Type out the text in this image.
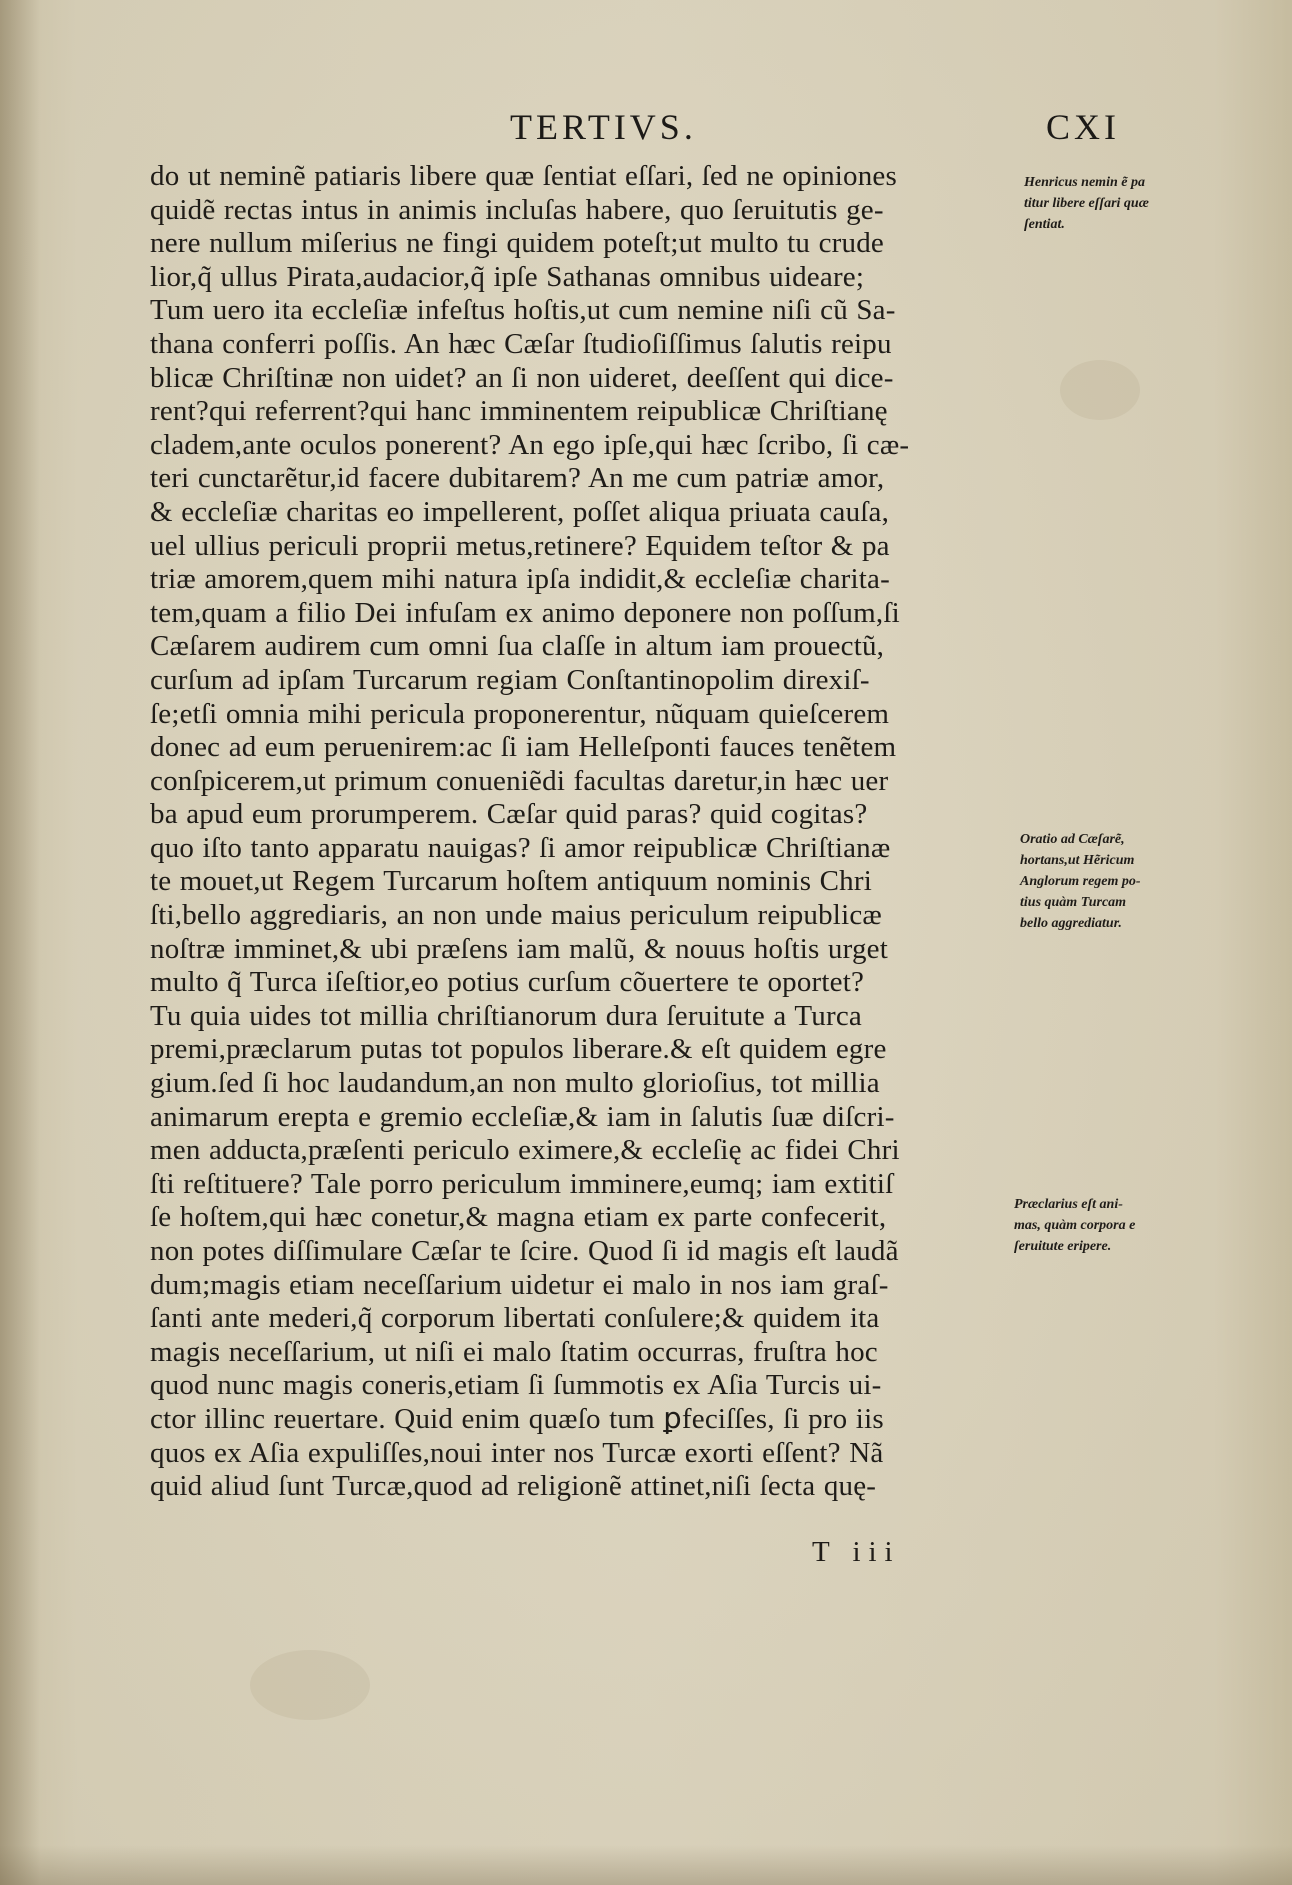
TERTIVS.	CXI
do ut neminẽ patiaris libere quæ ſentiat eſſari, ſed ne opiniones
quidẽ rectas intus in animis incluſas habere, quo ſeruitutis ge-
nere nullum miſerius ne fingi quidem poteſt;ut multo tu crude
lior,q̃ ullus Pirata,audacior,q̃ ipſe Sathanas omnibus uideare;
Tum uero ita eccleſiæ infeſtus hoſtis,ut cum nemine niſi cũ Sa-
thana conferri poſſis. An hæc Cæſar ſtudioſiſſimus ſalutis reipu
blicæ Chriſtinæ non uidet? an ſi non uideret, deeſſent qui dice-
rent?qui referrent?qui hanc imminentem reipublicæ Chriſtianę
cladem,ante oculos ponerent? An ego ipſe,qui hæc ſcribo, ſi cæ-
teri cunctarẽtur,id facere dubitarem? An me cum patriæ amor,
& eccleſiæ charitas eo impellerent, poſſet aliqua priuata cauſa,
uel ullius periculi proprii metus,retinere? Equidem teſtor & pa
triæ amorem,quem mihi natura ipſa indidit,& eccleſiæ charita-
tem,quam a filio Dei infuſam ex animo deponere non poſſum,ſi
Cæſarem audirem cum omni ſua claſſe in altum iam prouectũ,
curſum ad ipſam Turcarum regiam Conſtantinopolim direxiſ-
ſe;etſi omnia mihi pericula proponerentur, nũquam quieſcerem
donec ad eum peruenirem:ac ſi iam Helleſponti fauces tenẽtem
conſpicerem,ut primum conueniẽdi facultas daretur,in hæc uer
ba apud eum prorumperem. Cæſar quid paras? quid cogitas?
quo iſto tanto apparatu nauigas? ſi amor reipublicæ Chriſtianæ
te mouet,ut Regem Turcarum hoſtem antiquum nominis Chri
ſti,bello aggrediaris, an non unde maius periculum reipublicæ
noſtræ imminet,& ubi præſens iam malũ, & nouus hoſtis urget
multo q̃ Turca iſeſtior,eo potius curſum cõuertere te oportet?
Tu quia uides tot millia chriſtianorum dura ſeruitute a Turca
premi,præclarum putas tot populos liberare.& eſt quidem egre
gium.ſed ſi hoc laudandum,an non multo glorioſius, tot millia
animarum erepta e gremio eccleſiæ,& iam in ſalutis ſuæ diſcri-
men adducta,præſenti periculo eximere,& eccleſię ac fidei Chri
ſti reſtituere? Tale porro periculum imminere,eumq; iam extitiſ
ſe hoſtem,qui hæc conetur,& magna etiam ex parte confecerit,
non potes diſſimulare Cæſar te ſcire. Quod ſi id magis eſt laudã
dum;magis etiam neceſſarium uidetur ei malo in nos iam graſ-
ſanti ante mederi,q̃ corporum libertati conſulere;& quidem ita
magis neceſſarium, ut niſi ei malo ſtatim occurras, fruſtra hoc
quod nunc magis coneris,etiam ſi ſummotis ex Aſia Turcis ui-
ctor illinc reuertare. Quid enim quæſo tum ꝑfeciſſes, ſi pro iis
quos ex Aſia expuliſſes,noui inter nos Turcæ exorti eſſent? Nã
quid aliud ſunt Turcæ,quod ad religionẽ attinet,niſi ſecta quę-
Henricus nemin ẽ pa
titur libere eſſari quæ
ſentiat.
Oratio ad Cæſarẽ,
hortans,ut Hẽricum
Anglorum regem po-
tius quàm Turcam
bello aggrediatur.
Præclarius eſt ani-
mas, quàm corpora e
ſeruitute eripere.
T iii
